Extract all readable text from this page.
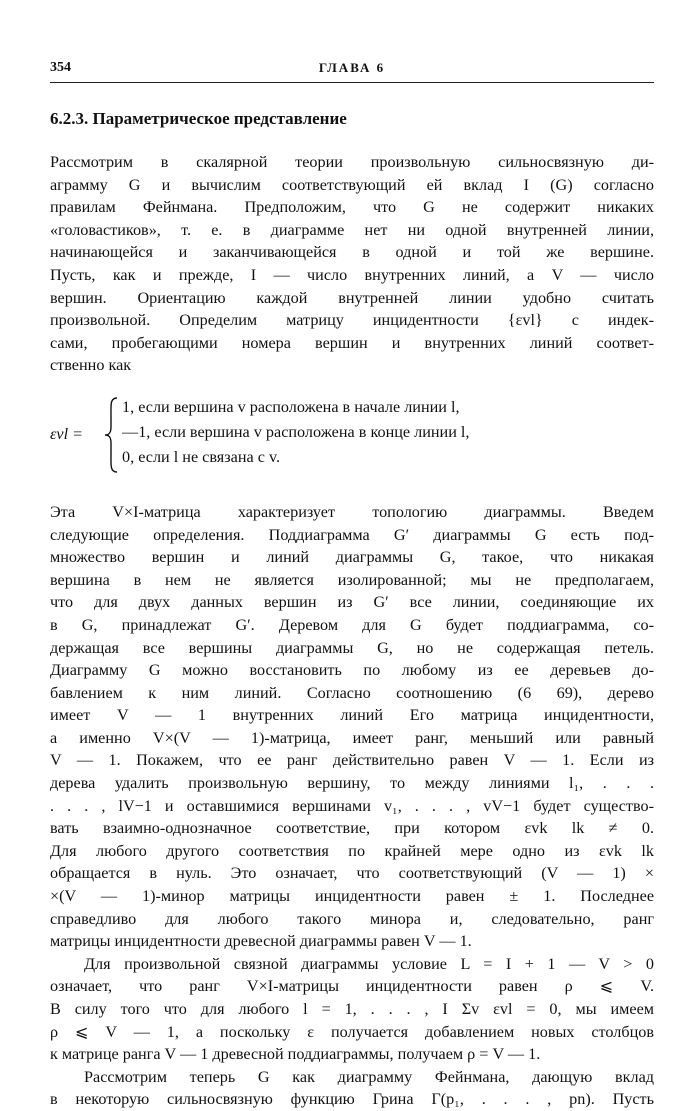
354	ГЛАВА 6
6.2.3. Параметрическое представление

Рассмотрим в скалярной теории произвольную сильносвязную ди-
аграмму G и вычислим соответствующий ей вклад I (G) согласно
правилам Фейнмана. Предположим, что G не содержит никаких
«головастиков», т. е. в диаграмме нет ни одной внутренней линии,
начинающейся и заканчивающейся в одной и той же вершине.
Пусть, как и прежде, I — число внутренних линий, а V — число
вершин. Ориентацию каждой внутренней линии удобно считать
произвольной. Определим матрицу инцидентности {εvl} с индек-
сами, пробегающими номера вершин и внутренних линий соответ-
ственно как

εvl =
1, если вершина v расположена в начале линии l,
—1, если вершина v расположена в конце линии l,
0, если l не связана с v.

Эта V×I-матрица характеризует топологию диаграммы. Введем
следующие определения. Поддиаграмма G′ диаграммы G есть под-
множество вершин и линий диаграммы G, такое, что никакая
вершина в нем не является изолированной; мы не предполагаем,
что для двух данных вершин из G′ все линии, соединяющие их
в G, принадлежат G′. Деревом для G будет поддиаграмма, со-
держащая все вершины диаграммы G, но не содержащая петель.
Диаграмму G можно восстановить по любому из ее деревьев до-
бавлением к ним линий. Согласно соотношению (6 69), дерево
имеет V — 1 внутренних линий Его матрица инцидентности,
а именно V×(V — 1)-матрица, имеет ранг, меньший или равный
V — 1. Покажем, что ее ранг действительно равен V — 1. Если из
дерева удалить произвольную вершину, то между линиями l₁, . . .
. . . , lV−1 и оставшимися вершинами v₁, . . . , vV−1 будет существо-
вать взаимно-однозначное соответствие, при котором εvk lk ≠ 0.
Для любого другого соответствия по крайней мере одно из εvk lk
обращается в нуль. Это означает, что соответствующий (V — 1) ×
×(V — 1)-минор матрицы инцидентности равен ± 1. Последнее
справедливо для любого такого минора и, следовательно, ранг
матрицы инцидентности древесной диаграммы равен V — 1.

Для произвольной связной диаграммы условие L = I + 1 — V > 0
означает, что ранг V×I-матрицы инцидентности равен ρ ⩽ V.
В силу того что для любого l = 1, . . . , I Σv εvl = 0, мы имеем
ρ ⩽ V — 1, а поскольку ε получается добавлением новых столбцов
к матрице ранга V — 1 древесной поддиаграммы, получаем ρ = V — 1.

Рассмотрим теперь G как диаграмму Фейнмана, дающую вклад
в некоторую сильносвязную функцию Грина Γ(p₁, . . . , pn). Пусть
